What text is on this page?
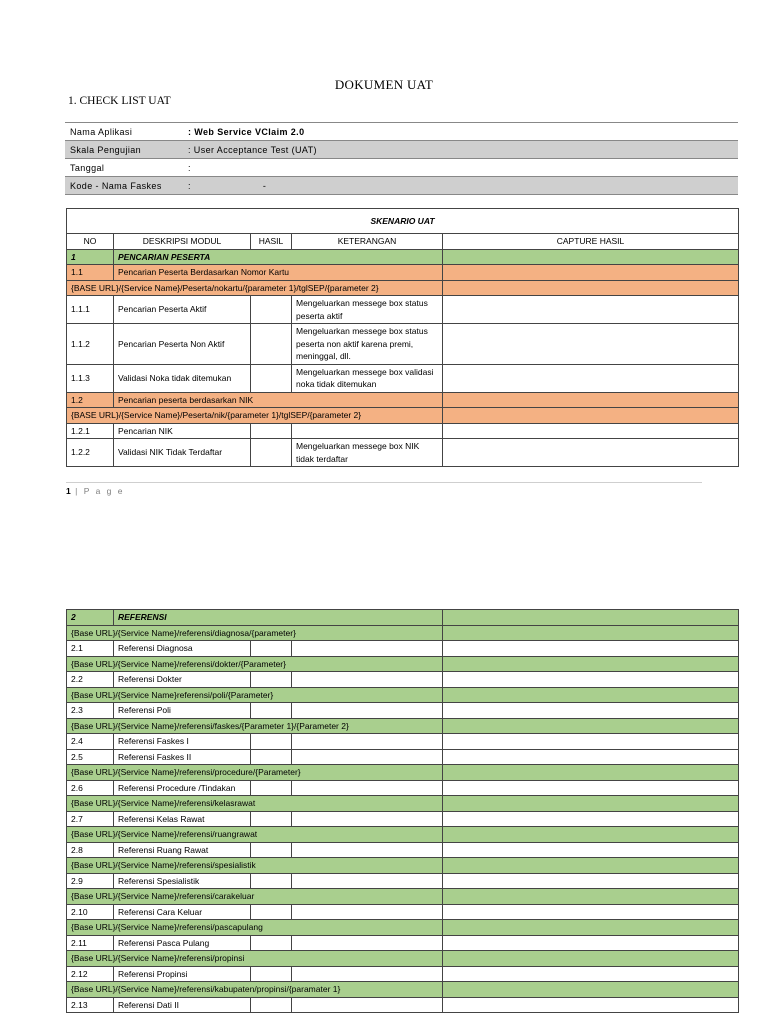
DOKUMEN UAT
1. CHECK LIST UAT
Nama Aplikasi	: Web Service VClaim 2.0
Skala Pengujian	: User Acceptance Test (UAT)
Tanggal	:
Kode - Nama Faskes	: -
SKENARIO UAT				
NO	DESKRIPSI MODUL	HASIL	KETERANGAN	CAPTURE HASIL
1	PENCARIAN PESERTA			
1.1	Pencarian Peserta Berdasarkan Nomor Kartu			
{BASE URL}/{Service Name}/Peserta/nokartu/{parameter 1}/tglSEP/{parameter 2}				
1.1.1	Pencarian Peserta Aktif		Mengeluarkan messege box status peserta aktif	
1.1.2	Pencarian Peserta Non Aktif		Mengeluarkan messege box status peserta non aktif karena premi, meninggal, dll.	
1.1.3	Validasi Noka tidak ditemukan		Mengeluarkan messege box validasi noka tidak ditemukan	
1.2	Pencarian peserta berdasarkan NIK			
{BASE URL}/{Service Name}/Peserta/nik/{parameter 1}/tglSEP/{parameter 2}				
1.2.1	Pencarian NIK			
1.2.2	Validasi NIK Tidak Terdaftar		Mengeluarkan messege box NIK tidak terdaftar	
1 | P a g e
2	REFERENSI			
{Base URL}/{Service Name}/referensi/diagnosa/{parameter}				
2.1	Referensi Diagnosa			
{Base URL}/{Service Name}/referensi/dokter/{Parameter}				
2.2	Referensi Dokter			
{Base URL}/{Service Name}referensi/poli/{Parameter}				
2.3	Referensi Poli			
{Base URL}/{Service Name}/referensi/faskes/{Parameter 1}/{Parameter 2}				
2.4	Referensi Faskes I			
2.5	Referensi Faskes II			
{Base URL}/{Service Name}/referensi/procedure/{Parameter}				
2.6	Referensi Procedure /Tindakan			
{Base URL}/{Service Name}/referensi/kelasrawat				
2.7	Referensi Kelas Rawat			
{Base URL}/{Service Name}/referensi/ruangrawat				
2.8	Referensi Ruang Rawat			
{Base URL}/{Service Name}/referensi/spesialistik				
2.9	Referensi Spesialistik			
{Base URL}/{Service Name}/referensi/carakeluar				
2.10	Referensi Cara Keluar			
{Base URL}/{Service Name}/referensi/pascapulang				
2.11	Referensi Pasca Pulang			
{Base URL}/{Service Name}/referensi/propinsi				
2.12	Referensi Propinsi			
{Base URL}/{Service Name}/referensi/kabupaten/propinsi/{paramater 1}				
2.13	Referensi Dati II			
